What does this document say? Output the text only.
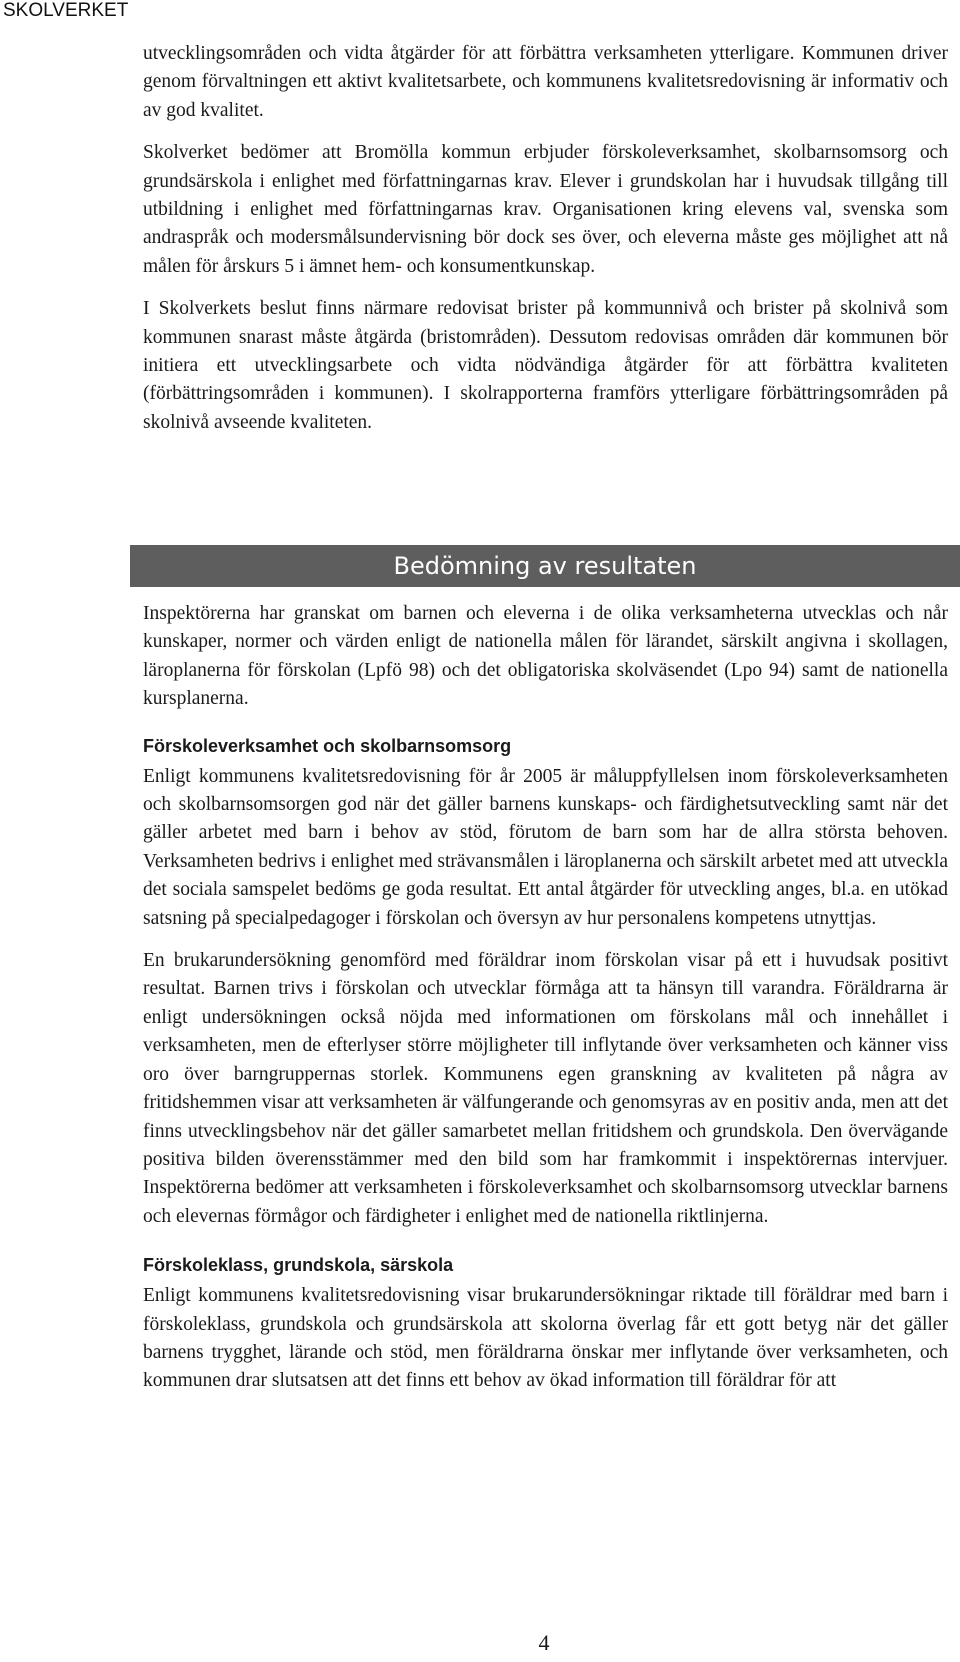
SKOLVERKET

utvecklingsområden och vidta åtgärder för att förbättra verksamheten ytterligare. Kommunen driver genom förvaltningen ett aktivt kvalitetsarbete, och kommunens kvalitetsredovisning är informativ och av god kvalitet.

Skolverket bedömer att Bromölla kommun erbjuder förskoleverksamhet, skolbarnsomsorg och grundsärskola i enlighet med författningarnas krav. Elever i grundskolan har i huvudsak tillgång till utbildning i enlighet med författningarnas krav. Organisationen kring elevens val, svenska som andraspråk och modersmålsundervisning bör dock ses över, och eleverna måste ges möjlighet att nå målen för årskurs 5 i ämnet hem- och konsumentkunskap.

I Skolverkets beslut finns närmare redovisat brister på kommunnivå och brister på skolnivå som kommunen snarast måste åtgärda (bristområden). Dessutom redovisas områden där kommunen bör initiera ett utvecklingsarbete och vidta nödvändiga åtgärder för att förbättra kvaliteten (förbättringsområden i kommunen). I skolrapporterna framförs ytterligare förbättringsområden på skolnivå avseende kvaliteten.

Bedömning av resultaten

Inspektörerna har granskat om barnen och eleverna i de olika verksamheterna utvecklas och når kunskaper, normer och värden enligt de nationella målen för lärandet, särskilt angivna i skollagen, läroplanerna för förskolan (Lpfö 98) och det obligatoriska skolväsendet (Lpo 94) samt de nationella kursplanerna.

Förskoleverksamhet och skolbarnsomsorg

Enligt kommunens kvalitetsredovisning för år 2005 är måluppfyllelsen inom förskoleverksamheten och skolbarnsomsorgen god när det gäller barnens kunskaps- och färdighetsutveckling samt när det gäller arbetet med barn i behov av stöd, förutom de barn som har de allra största behoven. Verksamheten bedrivs i enlighet med strävansmålen i läroplanerna och särskilt arbetet med att utveckla det sociala samspelet bedöms ge goda resultat. Ett antal åtgärder för utveckling anges, bl.a. en utökad satsning på specialpedagoger i förskolan och översyn av hur personalens kompetens utnyttjas.

En brukarundersökning genomförd med föräldrar inom förskolan visar på ett i huvudsak positivt resultat. Barnen trivs i förskolan och utvecklar förmåga att ta hänsyn till varandra. Föräldrarna är enligt undersökningen också nöjda med informationen om förskolans mål och innehållet i verksamheten, men de efterlyser större möjligheter till inflytande över verksamheten och känner viss oro över barngruppernas storlek. Kommunens egen granskning av kvaliteten på några av fritidshemmen visar att verksamheten är välfungerande och genomsyras av en positiv anda, men att det finns utvecklingsbehov när det gäller samarbetet mellan fritidshem och grundskola. Den övervägande positiva bilden överensstämmer med den bild som har framkommit i inspektörernas intervjuer. Inspektörerna bedömer att verksamheten i förskoleverksamhet och skolbarnsomsorg utvecklar barnens och elevernas förmågor och färdigheter i enlighet med de nationella riktlinjerna.

Förskoleklass, grundskola, särskola

Enligt kommunens kvalitetsredovisning visar brukarundersökningar riktade till föräldrar med barn i förskoleklass, grundskola och grundsärskola att skolorna överlag får ett gott betyg när det gäller barnens trygghet, lärande och stöd, men föräldrarna önskar mer inflytande över verksamheten, och kommunen drar slutsatsen att det finns ett behov av ökad information till föräldrar för att

4
